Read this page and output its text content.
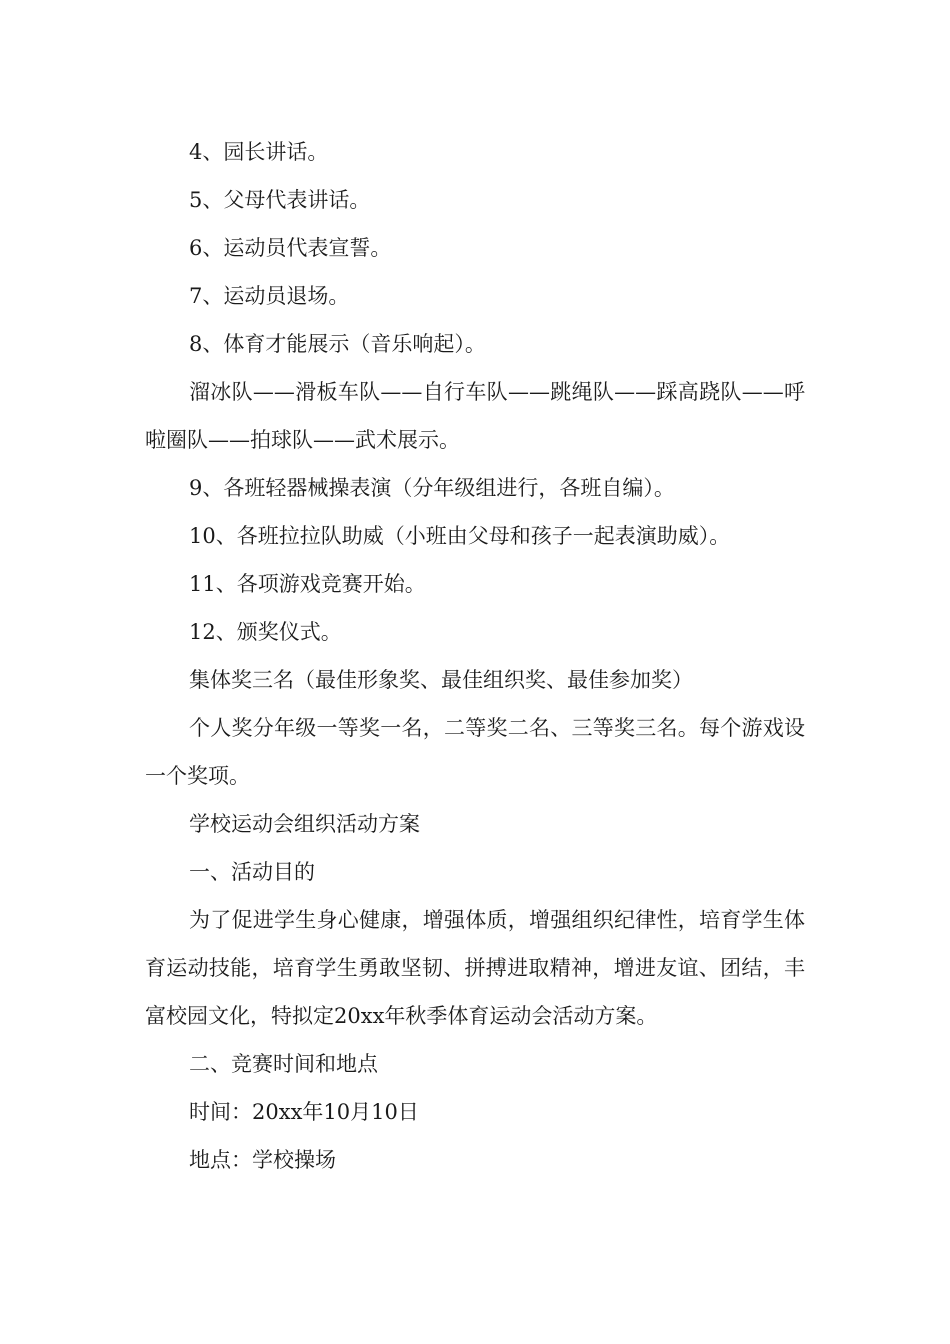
4、园长讲话。

5、父母代表讲话。

6、运动员代表宣誓。

7、运动员退场。

8、体育才能展示（音乐响起）。

溜冰队——滑板车队——自行车队——跳绳队——踩高跷队——呼啦圈队——拍球队——武术展示。

9、各班轻器械操表演（分年级组进行，各班自编）。

10、各班拉拉队助威（小班由父母和孩子一起表演助威）。

11、各项游戏竞赛开始。

12、颁奖仪式。

集体奖三名（最佳形象奖、最佳组织奖、最佳参加奖）

个人奖分年级一等奖一名，二等奖二名、三等奖三名。每个游戏设一个奖项。

学校运动会组织活动方案

一、活动目的

为了促进学生身心健康，增强体质，增强组织纪律性，培育学生体育运动技能，培育学生勇敢坚韧、拼搏进取精神，增进友谊、团结，丰富校园文化，特拟定20xx年秋季体育运动会活动方案。

二、竞赛时间和地点

时间：20xx年10月10日

地点：学校操场
